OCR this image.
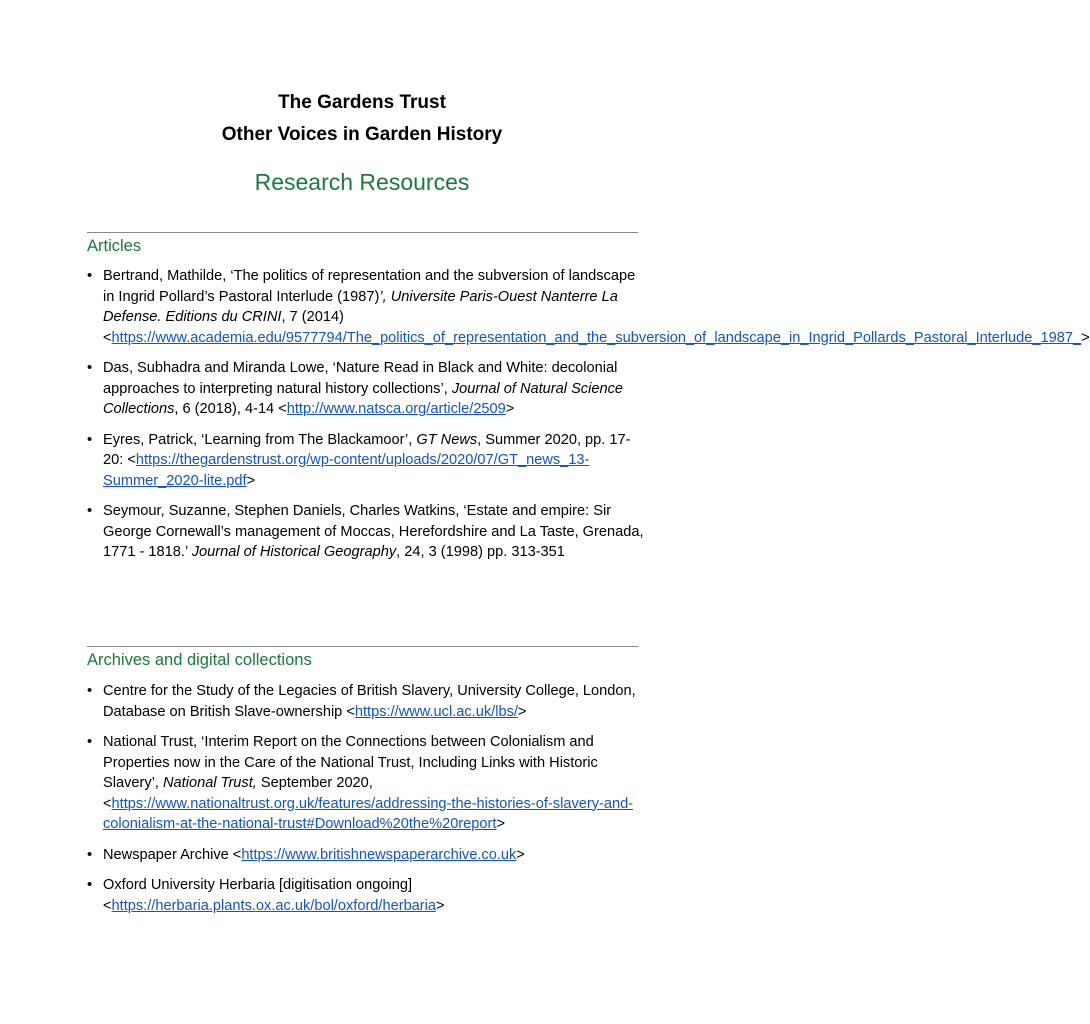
The Gardens Trust
Other Voices in Garden History
Research Resources
Articles
• Bertrand, Mathilde, ‘The politics of representation and the subversion of landscape in Ingrid Pollard’s Pastoral Interlude (1987)’, Universite Paris-Ouest Nanterre La Defense. Editions du CRINI, 7 (2014) <https://www.academia.edu/9577794/The_politics_of_representation_and_the_subversion_of_landscape_in_Ingrid_Pollards_Pastoral_Interlude_1987_>
• Das, Subhadra and Miranda Lowe, ‘Nature Read in Black and White: decolonial approaches to interpreting natural history collections’, Journal of Natural Science Collections, 6 (2018), 4-14 <http://www.natsca.org/article/2509>
• Eyres, Patrick, ‘Learning from The Blackamoor’, GT News, Summer 2020, pp. 17-20: <https://thegardenstrust.org/wp-content/uploads/2020/07/GT_news_13-Summer_2020-lite.pdf>
• Seymour, Suzanne, Stephen Daniels, Charles Watkins, ‘Estate and empire: Sir George Cornewall’s management of Moccas, Herefordshire and La Taste, Grenada, 1771 - 1818.’ Journal of Historical Geography, 24, 3 (1998) pp. 313-351
Archives and digital collections
• Centre for the Study of the Legacies of British Slavery, University College, London, Database on British Slave-ownership <https://www.ucl.ac.uk/lbs/>
• National Trust, ‘Interim Report on the Connections between Colonialism and Properties now in the Care of the National Trust, Including Links with Historic Slavery’, National Trust, September 2020, <https://www.nationaltrust.org.uk/features/addressing-the-histories-of-slavery-and-colonialism-at-the-national-trust#Download%20the%20report>
• Newspaper Archive <https://www.britishnewspaperarchive.co.uk>
• Oxford University Herbaria [digitisation ongoing] <https://herbaria.plants.ox.ac.uk/bol/oxford/herbaria>
